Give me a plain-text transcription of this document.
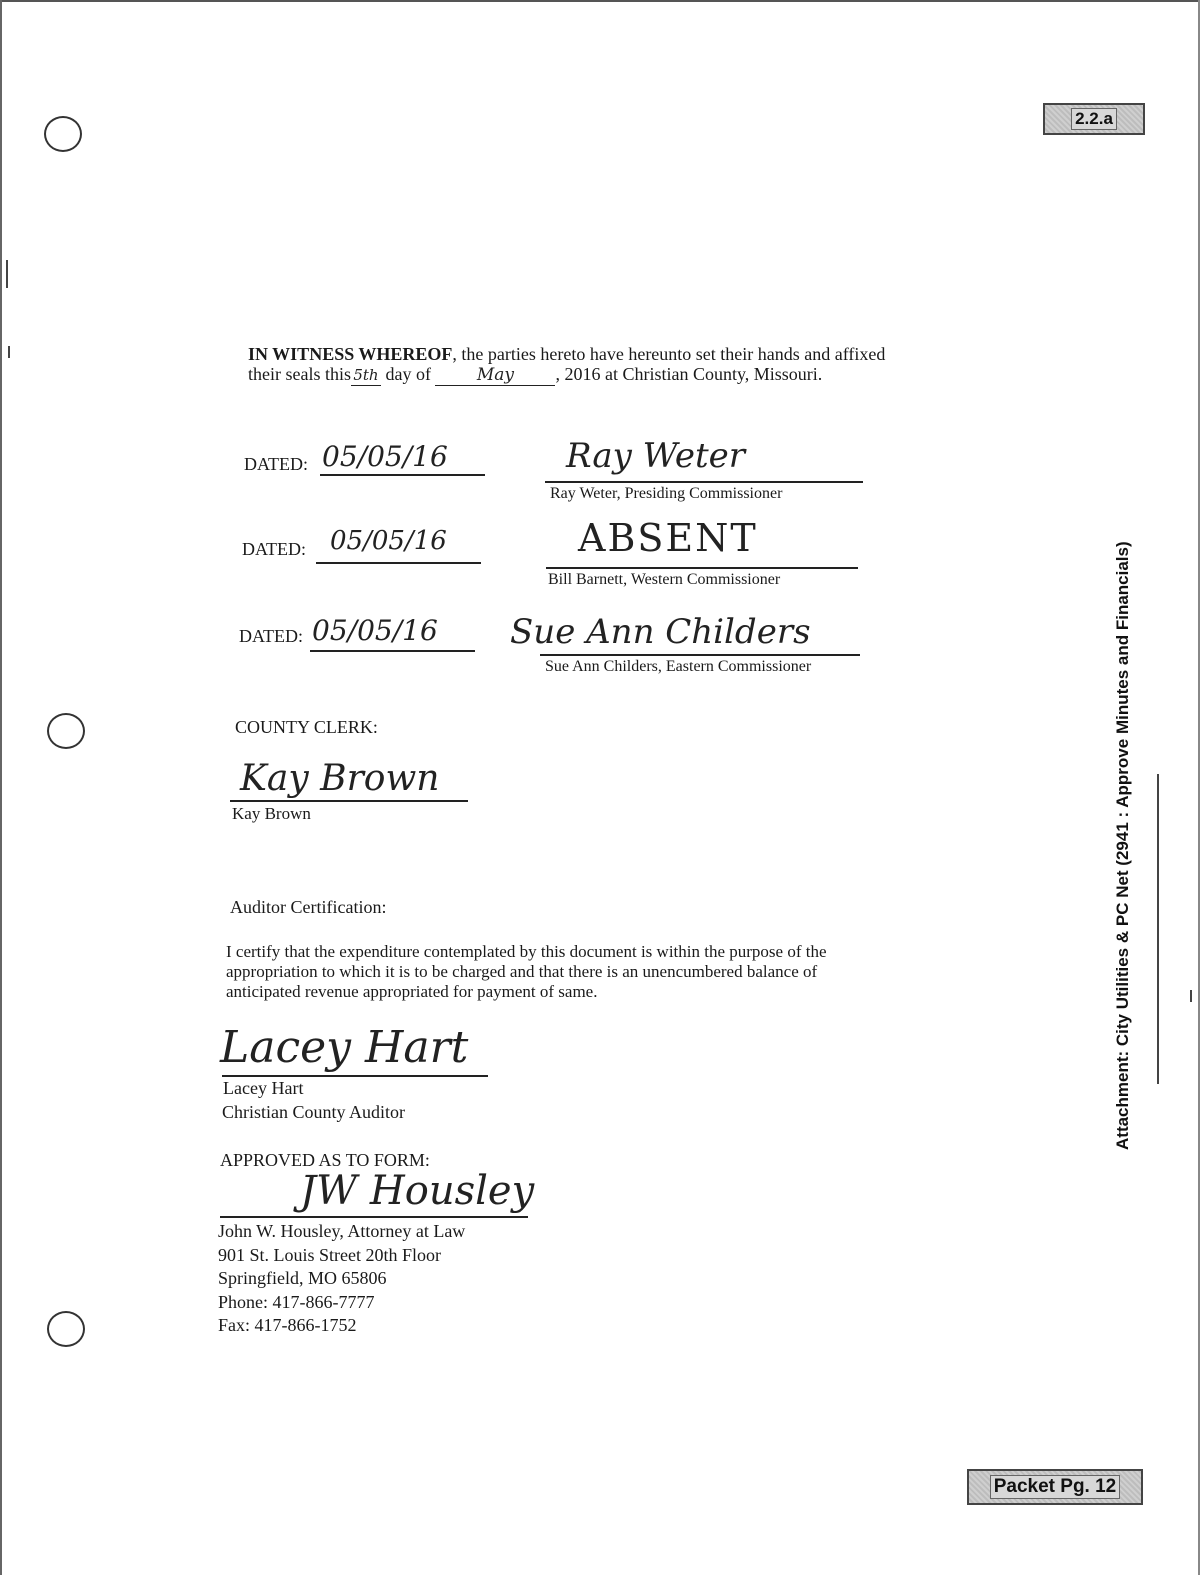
2.2.a
Packet Pg. 12
Attachment: City Utilities & PC Net (2941 : Approve Minutes and Financials)
IN WITNESS WHEREOF, the parties hereto have hereunto set their hands and affixed
their seals this 5th day of	May , 2016 at Christian County, Missouri.
DATED: 05/05/16	Ray Weter
Ray Weter, Presiding Commissioner
DATED: 05/05/16	ABSENT
Bill Barnett, Western Commissioner
DATED: 05/05/16	Sue Ann Childers
Sue Ann Childers, Eastern Commissioner
COUNTY CLERK:
Kay Brown
Kay Brown
Auditor Certification:
I certify that the expenditure contemplated by this document is within the purpose of the
appropriation to which it is to be charged and that there is an unencumbered balance of
anticipated revenue appropriated for payment of same.
Lacey Hart
Lacey Hart
Christian County Auditor
APPROVED AS TO FORM:
JW Housley
John W. Housley, Attorney at Law
901 St. Louis Street 20th Floor
Springfield, MO 65806
Phone: 417-866-7777
Fax: 417-866-1752
